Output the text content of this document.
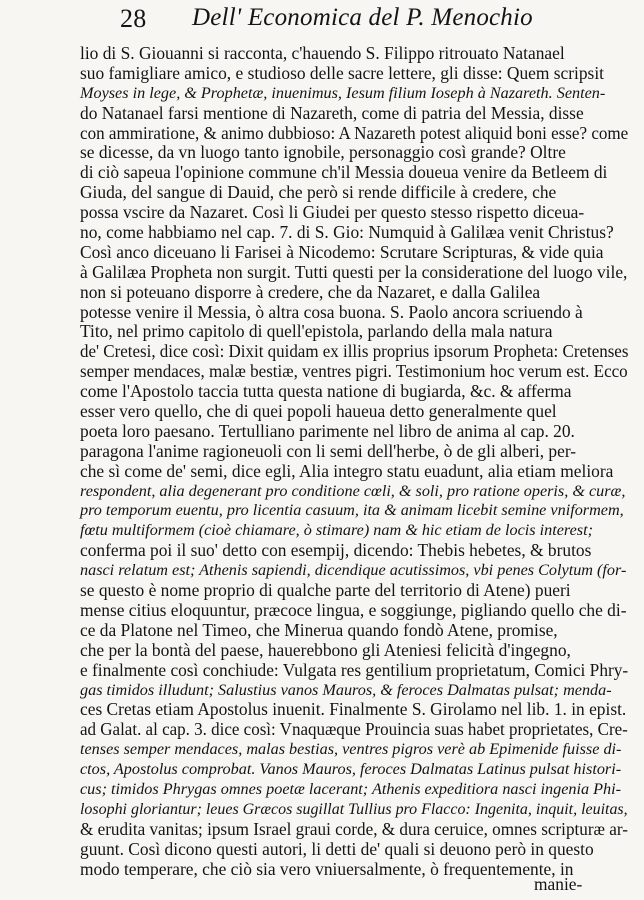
28 Dell' Economica del P. Menochio
lio di S. Giouanni si racconta, c'hauendo S. Filippo ritrouato Natanael
suo famigliare amico, e studioso delle sacre lettere, gli disse: Quem scripsit
Moyses in lege, & Prophetæ, inuenimus, Iesum filium Ioseph à Nazareth. Senten-
do Natanael farsi mentione di Nazareth, come di patria del Messia, disse
con ammiratione, & animo dubbioso: A Nazareth potest aliquid boni esse? come
se dicesse, da vn luogo tanto ignobile, personaggio così grande? Oltre
di ciò sapeua l'opinione commune ch'il Messia doueua venire da Betleem di
Giuda, del sangue di Dauid, che però si rende difficile à credere, che
possa vscire da Nazaret. Così li Giudei per questo stesso rispetto diceua-
no, come habbiamo nel cap. 7. di S. Gio: Numquid à Galilæa venit Christus?
Così anco diceuano li Farisei à Nicodemo: Scrutare Scripturas, & vide quia
à Galilæa Propheta non surgit. Tutti questi per la consideratione del luogo vile,
non si poteuano disporre à credere, che da Nazaret, e dalla Galilea
potesse venire il Messia, ò altra cosa buona. S. Paolo ancora scriuendo à
Tito, nel primo capitolo di quell'epistola, parlando della mala natura
de' Cretesi, dice così: Dixit quidam ex illis proprius ipsorum Propheta: Cretenses
semper mendaces, malæ bestiæ, ventres pigri. Testimonium hoc verum est. Ecco
come l'Apostolo taccia tutta questa natione di bugiarda, &c. & afferma
esser vero quello, che di quei popoli haueua detto generalmente quel
poeta loro paesano. Tertulliano parimente nel libro de anima al cap. 20.
paragona l'anime ragioneuoli con li semi dell'herbe, ò de gli alberi, per-
che sì come de' semi, dice egli, Alia integro statu euadunt, alia etiam meliora
respondent, alia degenerant pro conditione cœli, & soli, pro ratione operis, & curæ,
pro temporum euentu, pro licentia casuum, ita & animam licebit semine vniformem,
fœtu multiformem (cioè chiamare, ò stimare) nam & hic etiam de locis interest;
conferma poi il suo' detto con esempij, dicendo: Thebis hebetes, & brutos
nasci relatum est; Athenis sapiendi, dicendique acutissimos, vbi penes Colytum (for-
se questo è nome proprio di qualche parte del territorio di Atene) pueri
mense citius eloquuntur, præcoce lingua, e soggiunge, pigliando quello che di-
ce da Platone nel Timeo, che Minerua quando fondò Atene, promise,
che per la bontà del paese, hauerebbono gli Ateniesi felicità d'ingegno,
e finalmente così conchiude: Vulgata res gentilium proprietatum, Comici Phry-
gas timidos illudunt; Salustius vanos Mauros, & feroces Dalmatas pulsat; menda-
ces Cretas etiam Apostolus inuenit. Finalmente S. Girolamo nel lib. 1. in epist.
ad Galat. al cap. 3. dice così: Vnaquæque Prouincia suas habet proprietates, Cre-
tenses semper mendaces, malas bestias, ventres pigros verè ab Epimenide fuisse di-
ctos, Apostolus comprobat. Vanos Mauros, feroces Dalmatas Latinus pulsat histori-
cus; timidos Phrygas omnes poetæ lacerant; Athenis expeditiora nasci ingenia Phi-
losophi gloriantur; leues Græcos sugillat Tullius pro Flacco: Ingenita, inquit, leuitas,
& erudita vanitas; ipsum Israel graui corde, & dura ceruice, omnes scripturæ ar-
guunt. Così dicono questi autori, li detti de' quali si deuono però in questo
modo temperare, che ciò sia vero vniuersalmente, ò frequentemente, in
manie-
